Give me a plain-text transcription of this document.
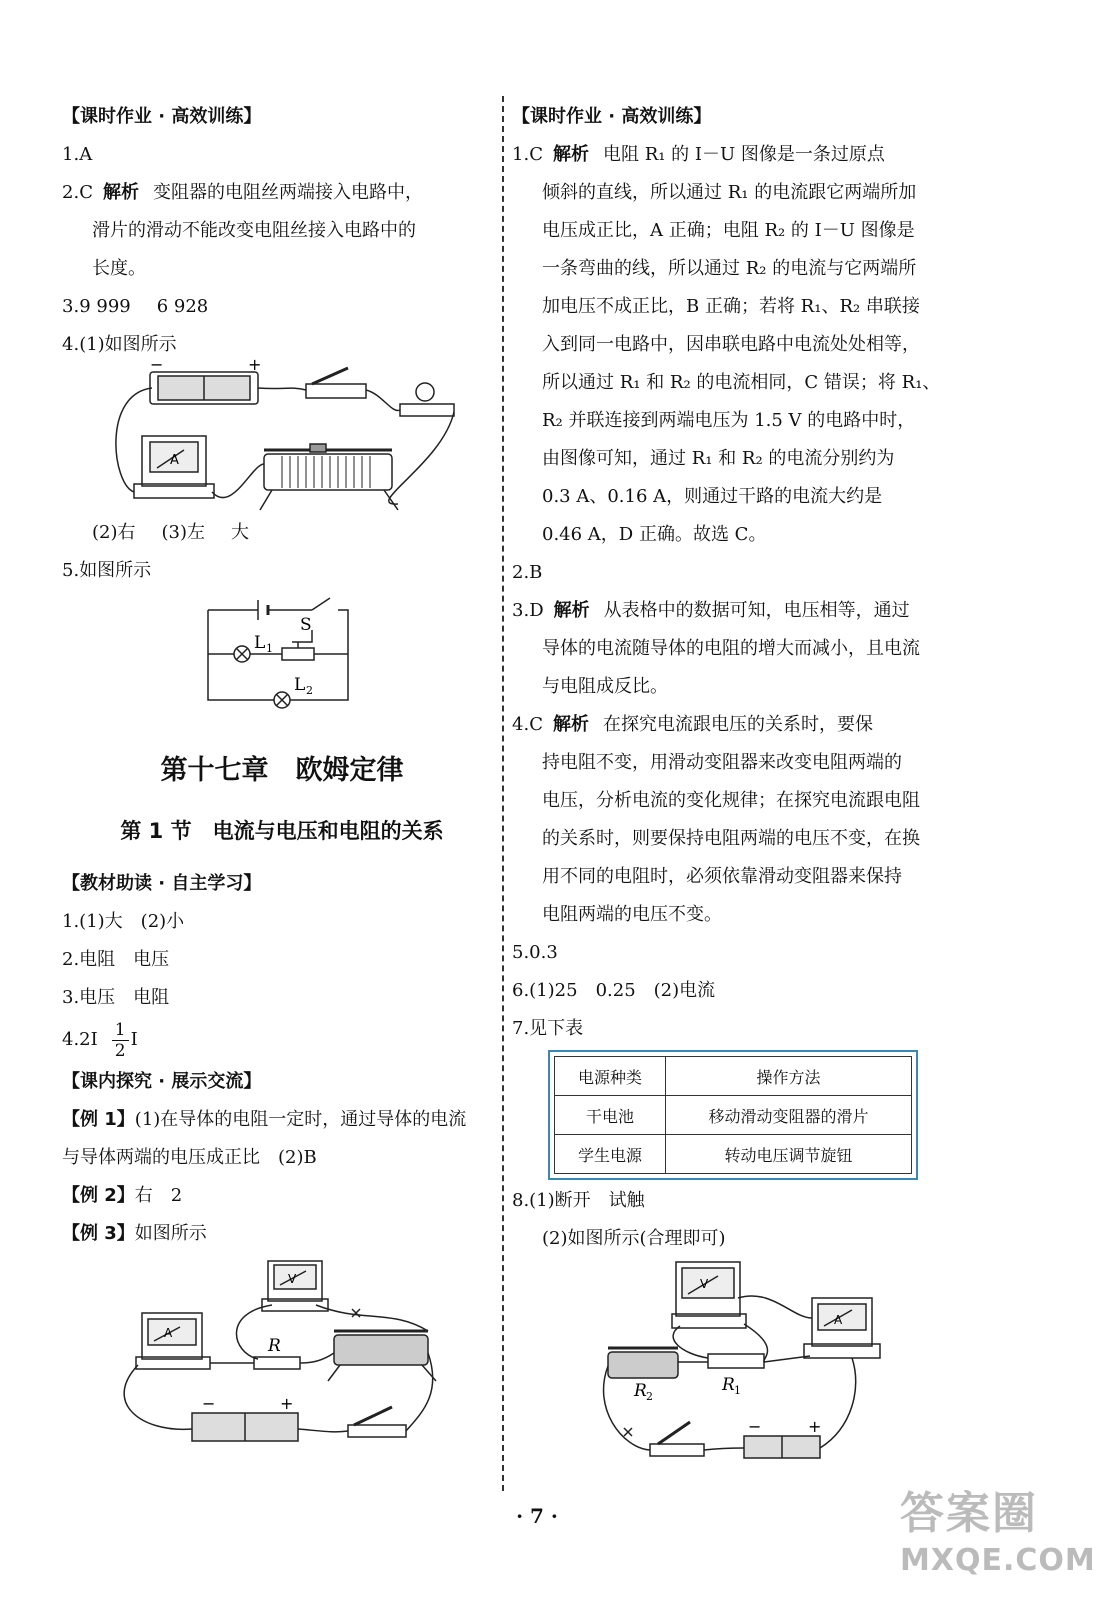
【课时作业 · 高效训练】
1.A
2.C 解析 变阻器的电阻丝两端接入电路中，
滑片的滑动不能改变电阻丝接入电路中的
长度。
3.9 999 6 928
4.(1)如图所示
−	+
A
(2)右 (3)左 大
5.如图所示
S
L 1
L 2
第十七章　欧姆定律
第 1 节　电流与电压和电阻的关系
【教材助读 · 自主学习】
1.(1)大　(2)小
2.电阻　电压
3.电压　电阻
$4.2I \frac{1}{2}$ I
【课内探究 · 展示交流】
【例 1】(1)在导体的电阻一定时，通过导体的电流
与导体两端的电压成正比　(2)B
【例 2】右　2
【例 3】如图所示
V
A
R
−	+
【课时作业 · 高效训练】
1.C 解析 电阻 R₁ 的 I－U 图像是一条过原点
倾斜的直线，所以通过 R₁ 的电流跟它两端所加
电压成正比，A 正确；电阻 R₂ 的 I－U 图像是
一条弯曲的线，所以通过 R₂ 的电流与它两端所
加电压不成正比，B 正确；若将 R₁、R₂ 串联接
入到同一电路中，因串联电路中电流处处相等，
所以通过 R₁ 和 R₂ 的电流相同，C 错误；将 R₁、
R₂ 并联连接到两端电压为 1.5 V 的电路中时，
由图像可知，通过 R₁ 和 R₂ 的电流分别约为
0.3 A、0.16 A，则通过干路的电流大约是
0.46 A，D 正确。故选 C。
2.B
3.D 解析 从表格中的数据可知，电压相等，通过
导体的电流随导体的电阻的增大而减小，且电流
与电阻成反比。
4.C 解析 在探究电流跟电压的关系时，要保
持电阻不变，用滑动变阻器来改变电阻两端的
电压，分析电流的变化规律；在探究电流跟电阻
的关系时，则要保持电阻两端的电压不变，在换
用不同的电阻时，必须依靠滑动变阻器来保持
电阻两端的电压不变。
5.0.3
6.(1)25　0.25　(2)电流
7.见下表
电源种类	操作方法
干电池	移动滑动变阻器的滑片
学生电源	转动电压调节旋钮
8.(1)断开　试触
(2)如图所示(合理即可)
V
A
R 1
R 2
−	+
· 7 ·	答案圈
MXQE.COM
